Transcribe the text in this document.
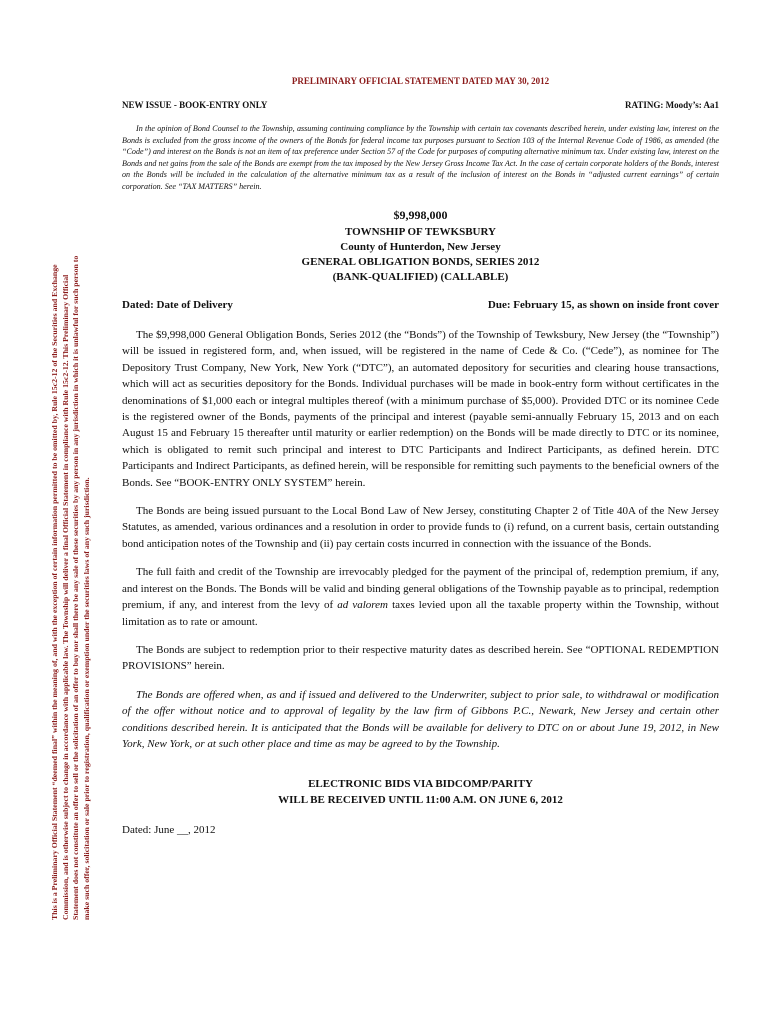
This is a Preliminary Official Statement “deemed final” within the meaning of, and with the exception of certain information permitted to be omitted by, Rule 15c2-12 of the Securities and Exchange Commission, and is otherwise subject to change in accordance with applicable law. The Township will deliver a final Official Statement in compliance with Rule 15c2-12. This Preliminary Official Statement does not constitute an offer to sell or the solicitation of an offer to buy nor shall there be any sale of these securities by any person in any jurisdiction in which it is unlawful for such person to make such offer, solicitation or sale prior to registration, qualification or exemption under the securities laws of any such jurisdiction.
PRELIMINARY OFFICIAL STATEMENT DATED MAY 30, 2012
NEW ISSUE - BOOK-ENTRY ONLY	RATING: Moody’s: Aa1
In the opinion of Bond Counsel to the Township, assuming continuing compliance by the Township with certain tax covenants described herein, under existing law, interest on the Bonds is excluded from the gross income of the owners of the Bonds for federal income tax purposes pursuant to Section 103 of the Internal Revenue Code of 1986, as amended (the “Code”) and interest on the Bonds is not an item of tax preference under Section 57 of the Code for purposes of computing alternative minimum tax. Under existing law, interest on the Bonds and net gains from the sale of the Bonds are exempt from the tax imposed by the New Jersey Gross Income Tax Act. In the case of certain corporate holders of the Bonds, interest on the Bonds will be included in the calculation of the alternative minimum tax as a result of the inclusion of interest on the Bonds in “adjusted current earnings” of certain corporation. See “TAX MATTERS” herein.
$9,998,000
TOWNSHIP OF TEWKSBURY
County of Hunterdon, New Jersey
GENERAL OBLIGATION BONDS, SERIES 2012
(BANK-QUALIFIED) (CALLABLE)
Dated: Date of Delivery	Due: February 15, as shown on inside front cover
The $9,998,000 General Obligation Bonds, Series 2012 (the “Bonds”) of the Township of Tewksbury, New Jersey (the “Township”) will be issued in registered form, and, when issued, will be registered in the name of Cede & Co. (“Cede”), as nominee for The Depository Trust Company, New York, New York (“DTC”), an automated depository for securities and clearing house transactions, which will act as securities depository for the Bonds. Individual purchases will be made in book-entry form without certificates in the denominations of $1,000 each or integral multiples thereof (with a minimum purchase of $5,000). Provided DTC or its nominee Cede is the registered owner of the Bonds, payments of the principal and interest (payable semi-annually February 15, 2013 and on each August 15 and February 15 thereafter until maturity or earlier redemption) on the Bonds will be made directly to DTC or its nominee, which is obligated to remit such principal and interest to DTC Participants and Indirect Participants, as defined herein. DTC Participants and Indirect Participants, as defined herein, will be responsible for remitting such payments to the beneficial owners of the Bonds. See “BOOK-ENTRY ONLY SYSTEM” herein.
The Bonds are being issued pursuant to the Local Bond Law of New Jersey, constituting Chapter 2 of Title 40A of the New Jersey Statutes, as amended, various ordinances and a resolution in order to provide funds to (i) refund, on a current basis, certain outstanding bond anticipation notes of the Township and (ii) pay certain costs incurred in connection with the issuance of the Bonds.
The full faith and credit of the Township are irrevocably pledged for the payment of the principal of, redemption premium, if any, and interest on the Bonds. The Bonds will be valid and binding general obligations of the Township payable as to principal, redemption premium, if any, and interest from the levy of ad valorem taxes levied upon all the taxable property within the Township, without limitation as to rate or amount.
The Bonds are subject to redemption prior to their respective maturity dates as described herein. See “OPTIONAL REDEMPTION PROVISIONS” herein.
The Bonds are offered when, as and if issued and delivered to the Underwriter, subject to prior sale, to withdrawal or modification of the offer without notice and to approval of legality by the law firm of Gibbons P.C., Newark, New Jersey and certain other conditions described herein. It is anticipated that the Bonds will be available for delivery to DTC on or about June 19, 2012, in New York, New York, or at such other place and time as may be agreed to by the Township.
ELECTRONIC BIDS VIA BIDCOMP/PARITY
WILL BE RECEIVED UNTIL 11:00 A.M. ON JUNE 6, 2012
Dated: June __, 2012
